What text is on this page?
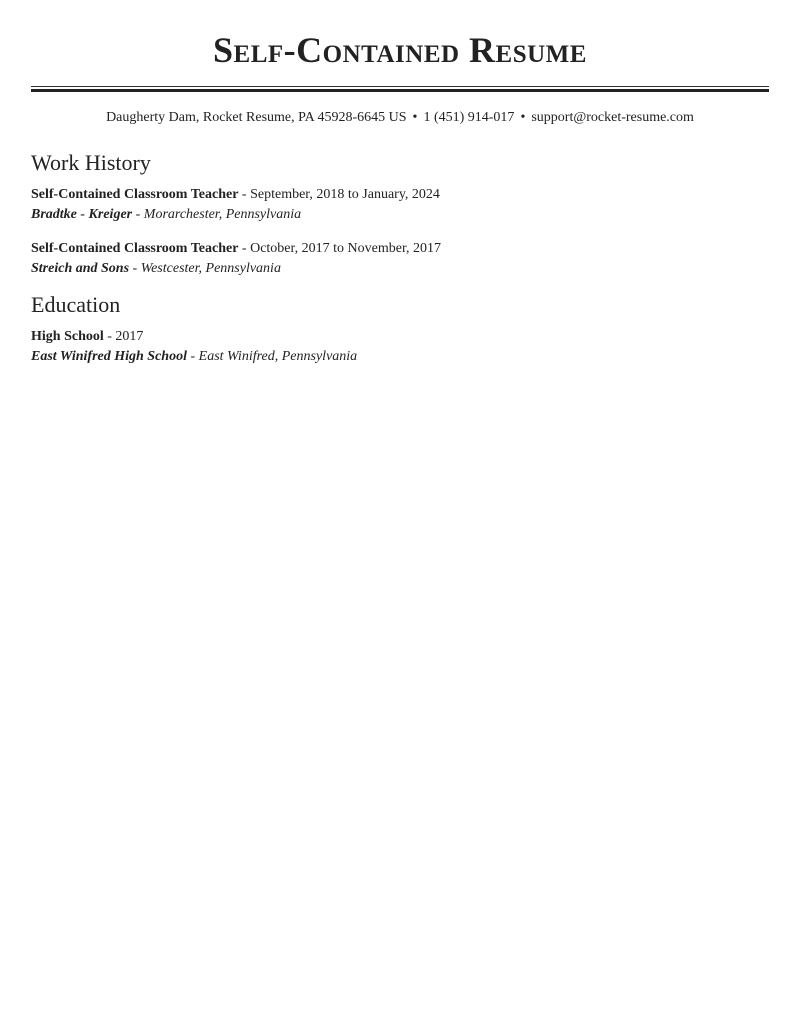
Self-Contained Resume
Daugherty Dam, Rocket Resume, PA 45928-6645 US • 1 (451) 914-017 • support@rocket-resume.com
Work History
Self-Contained Classroom Teacher - September, 2018 to January, 2024
Bradtke - Kreiger - Morarchester, Pennsylvania
Self-Contained Classroom Teacher - October, 2017 to November, 2017
Streich and Sons - Westcester, Pennsylvania
Education
High School - 2017
East Winifred High School - East Winifred, Pennsylvania
